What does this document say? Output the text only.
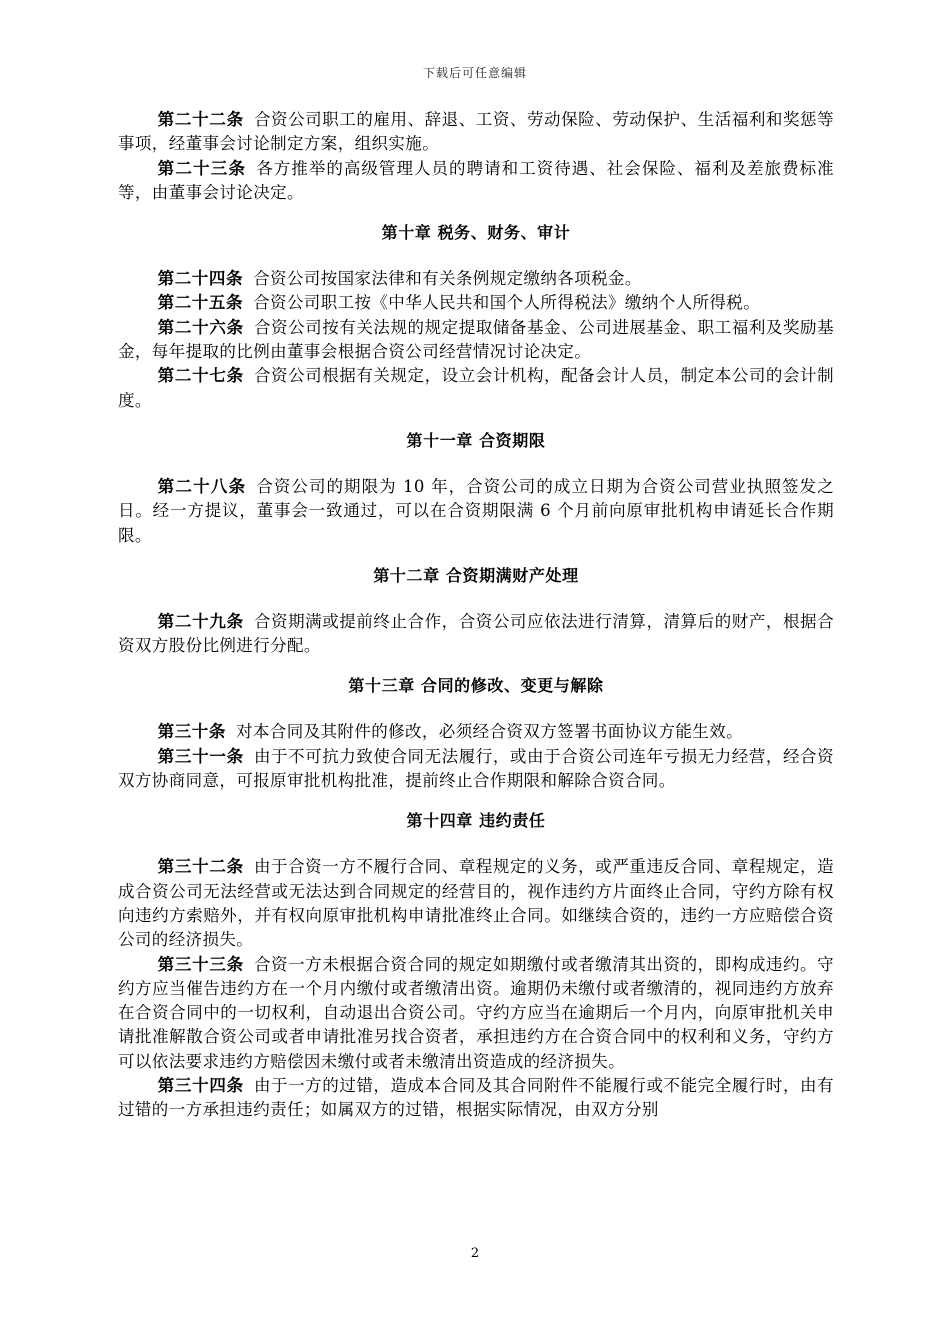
下载后可任意编辑

第二十二条 合资公司职工的雇用、辞退、工资、劳动保险、劳动保护、生活福利和奖惩等事项，经董事会讨论制定方案，组织实施。

第二十三条 各方推举的高级管理人员的聘请和工资待遇、社会保险、福利及差旅费标准等，由董事会讨论决定。

第十章 税务、财务、审计

第二十四条 合资公司按国家法律和有关条例规定缴纳各项税金。

第二十五条 合资公司职工按《中华人民共和国个人所得税法》缴纳个人所得税。

第二十六条 合资公司按有关法规的规定提取储备基金、公司进展基金、职工福利及奖励基金，每年提取的比例由董事会根据合资公司经营情况讨论决定。

第二十七条 合资公司根据有关规定，设立会计机构，配备会计人员，制定本公司的会计制度。

第十一章 合资期限

第二十八条 合资公司的期限为 10 年，合资公司的成立日期为合资公司营业执照签发之日。经一方提议，董事会一致通过，可以在合资期限满 6 个月前向原审批机构申请延长合作期限。

第十二章 合资期满财产处理

第二十九条 合资期满或提前终止合作，合资公司应依法进行清算，清算后的财产，根据合资双方股份比例进行分配。

第十三章 合同的修改、变更与解除

第三十条 对本合同及其附件的修改，必须经合资双方签署书面协议方能生效。

第三十一条 由于不可抗力致使合同无法履行，或由于合资公司连年亏损无力经营，经合资双方协商同意，可报原审批机构批准，提前终止合作期限和解除合资合同。

第十四章 违约责任

第三十二条 由于合资一方不履行合同、章程规定的义务，或严重违反合同、章程规定，造成合资公司无法经营或无法达到合同规定的经营目的，视作违约方片面终止合同，守约方除有权向违约方索赔外，并有权向原审批机构申请批准终止合同。如继续合资的，违约一方应赔偿合资公司的经济损失。

第三十三条 合资一方未根据合资合同的规定如期缴付或者缴清其出资的，即构成违约。守约方应当催告违约方在一个月内缴付或者缴清出资。逾期仍未缴付或者缴清的，视同违约方放弃在合资合同中的一切权利，自动退出合资公司。守约方应当在逾期后一个月内，向原审批机关申请批准解散合资公司或者申请批准另找合资者，承担违约方在合资合同中的权利和义务，守约方可以依法要求违约方赔偿因未缴付或者未缴清出资造成的经济损失。

第三十四条 由于一方的过错，造成本合同及其合同附件不能履行或不能完全履行时，由有过错的一方承担违约责任；如属双方的过错，根据实际情况，由双方分别

2
